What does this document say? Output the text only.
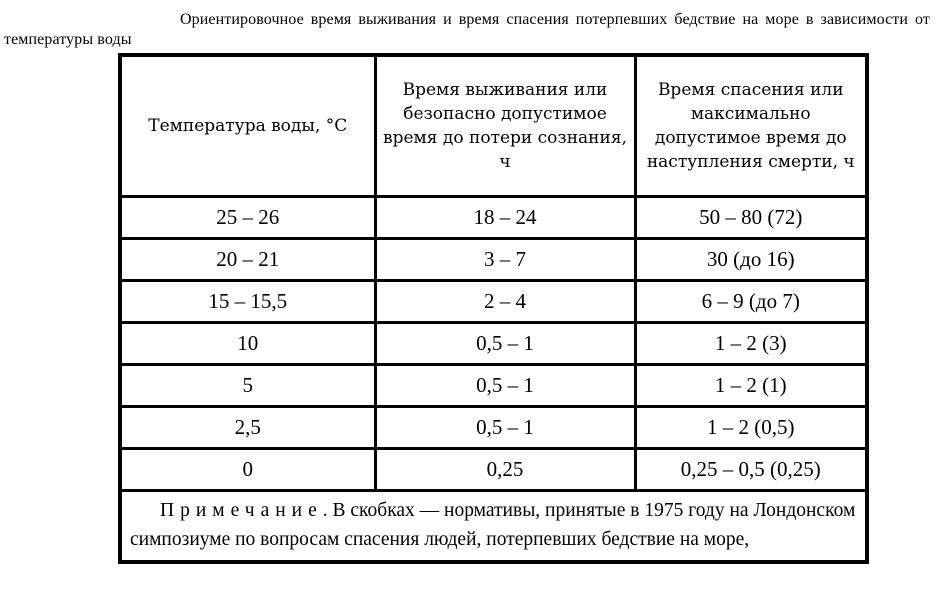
Ориентировочное время выживания и время спасения потерпевших бедствие на море в зависимости от температуры воды
Температура воды, °С	Время выживания или безопасно допустимое время до потери сознания, ч	Время спасения или максимально допустимое время до наступления смерти, ч
25 – 26	18 – 24	50 – 80 (72)
20 – 21	3 – 7	30 (до 16)
15 – 15,5	2 – 4	6 – 9 (до 7)
10	0,5 – 1	1 – 2 (3)
5	0,5 – 1	1 – 2 (1)
2,5	0,5 – 1	1 – 2 (0,5)
0	0,25	0,25 – 0,5 (0,25)
Примечание. В скобках — нормативы, принятые в 1975 году на Лондонском симпозиуме по вопросам спасения людей, потерпевших бедствие на море,		
